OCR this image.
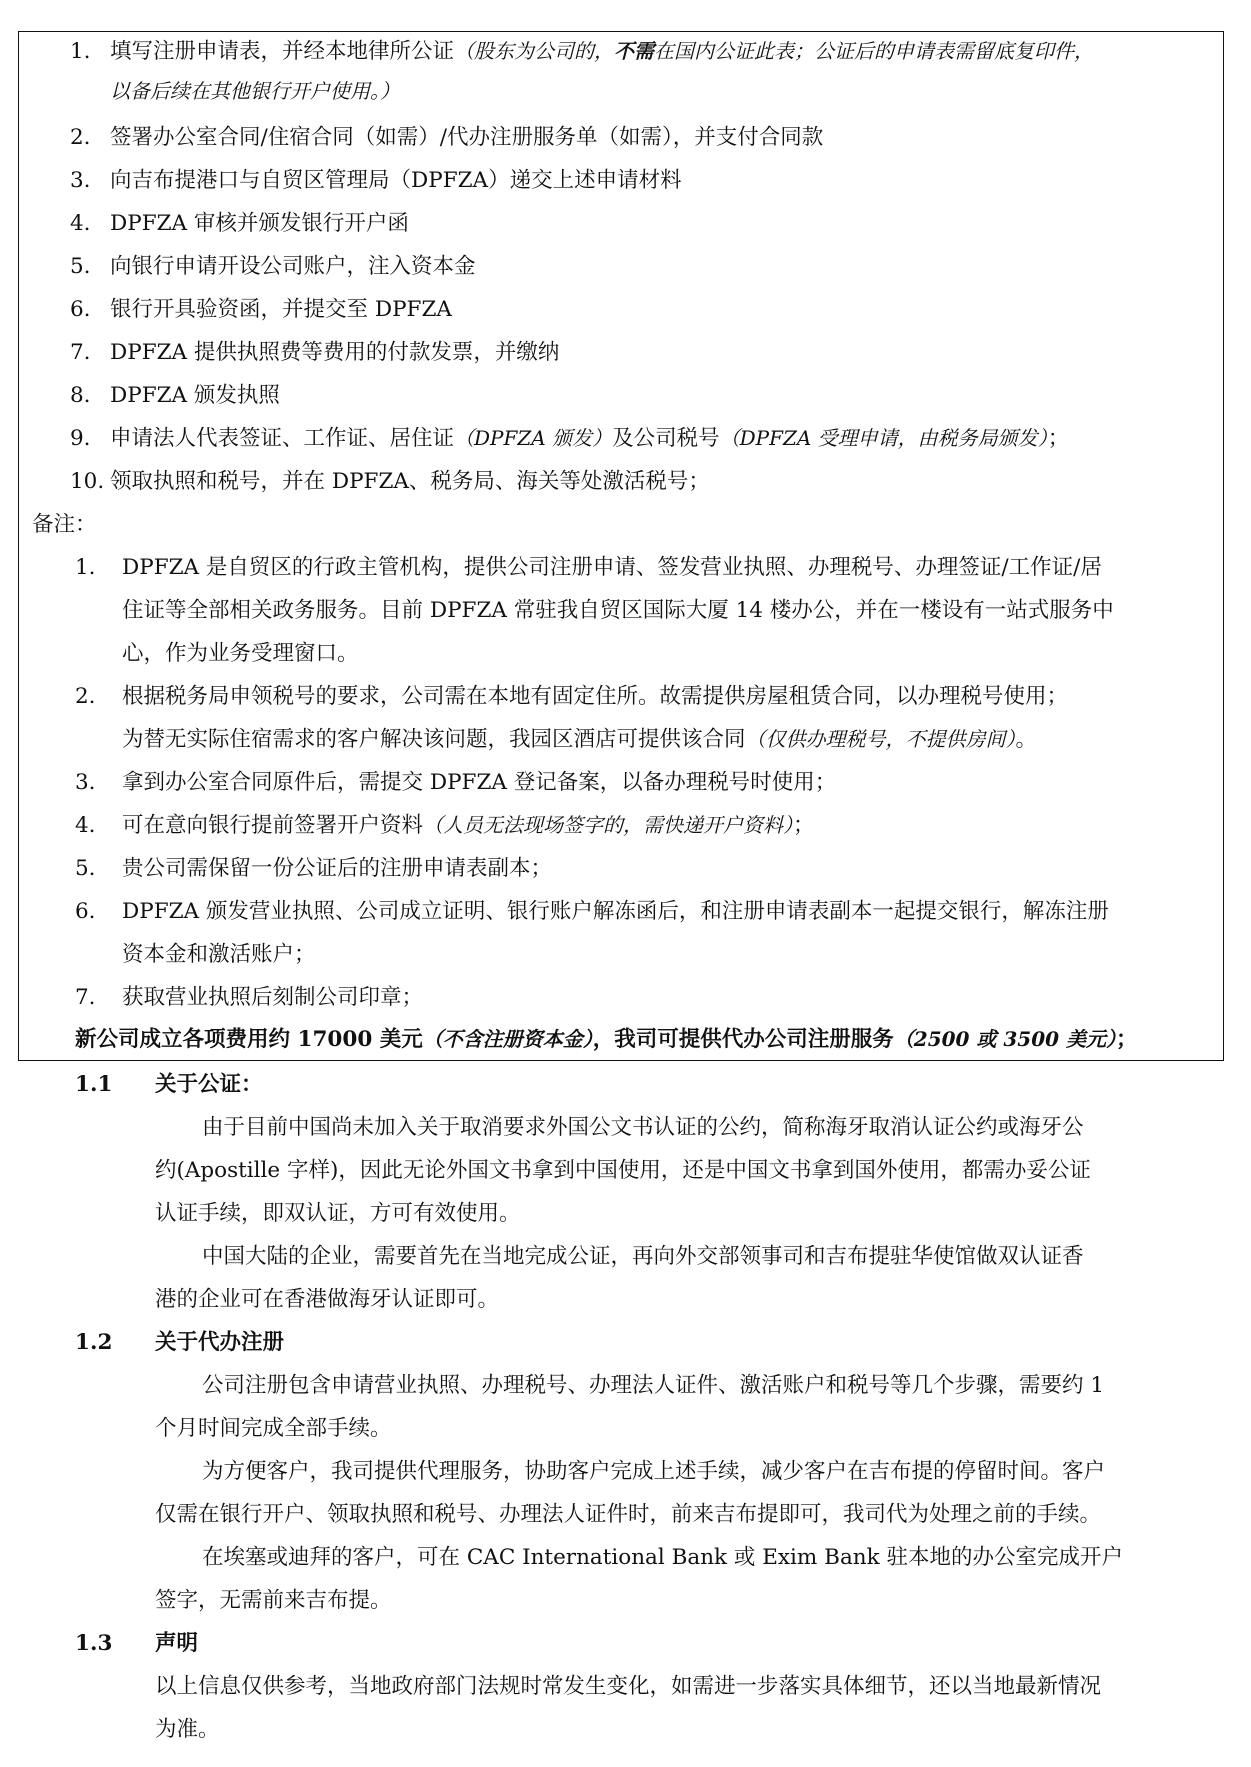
1. 填写注册申请表，并经本地律所公证（股东为公司的，不需在国内公证此表；公证后的申请表需留底复印件，
以备后续在其他银行开户使用。）
2. 签署办公室合同/住宿合同（如需）/代办注册服务单（如需），并支付合同款
3. 向吉布提港口与自贸区管理局（DPFZA）递交上述申请材料
4. DPFZA 审核并颁发银行开户函
5. 向银行申请开设公司账户，注入资本金
6. 银行开具验资函，并提交至 DPFZA
7. DPFZA 提供执照费等费用的付款发票，并缴纳
8. DPFZA 颁发执照
9. 申请法人代表签证、工作证、居住证（DPFZA 颁发）及公司税号（DPFZA 受理申请，由税务局颁发）；
10. 领取执照和税号，并在 DPFZA、税务局、海关等处激活税号；
备注：
1. DPFZA 是自贸区的行政主管机构，提供公司注册申请、签发营业执照、办理税号、办理签证/工作证/居
住证等全部相关政务服务。目前 DPFZA 常驻我自贸区国际大厦 14 楼办公，并在一楼设有一站式服务中
心，作为业务受理窗口。
2. 根据税务局申领税号的要求，公司需在本地有固定住所。故需提供房屋租赁合同，以办理税号使用；
为替无实际住宿需求的客户解决该问题，我园区酒店可提供该合同（仅供办理税号，不提供房间）。
3. 拿到办公室合同原件后，需提交 DPFZA 登记备案，以备办理税号时使用；
4. 可在意向银行提前签署开户资料（人员无法现场签字的，需快递开户资料）；
5. 贵公司需保留一份公证后的注册申请表副本；
6. DPFZA 颁发营业执照、公司成立证明、银行账户解冻函后，和注册申请表副本一起提交银行，解冻注册
资本金和激活账户；
7. 获取营业执照后刻制公司印章；
新公司成立各项费用约 17000 美元（不含注册资本金），我司可提供代办公司注册服务（2500 或 3500 美元）；
1.1 关于公证：
由于目前中国尚未加入关于取消要求外国公文书认证的公约，简称海牙取消认证公约或海牙公
约(Apostille 字样)，因此无论外国文书拿到中国使用，还是中国文书拿到国外使用，都需办妥公证
认证手续，即双认证，方可有效使用。
中国大陆的企业，需要首先在当地完成公证，再向外交部领事司和吉布提驻华使馆做双认证香
港的企业可在香港做海牙认证即可。
1.2 关于代办注册
公司注册包含申请营业执照、办理税号、办理法人证件、激活账户和税号等几个步骤，需要约 1
个月时间完成全部手续。
为方便客户，我司提供代理服务，协助客户完成上述手续，减少客户在吉布提的停留时间。客户
仅需在银行开户、领取执照和税号、办理法人证件时，前来吉布提即可，我司代为处理之前的手续。
在埃塞或迪拜的客户，可在 CAC International Bank 或 Exim Bank 驻本地的办公室完成开户
签字，无需前来吉布提。
1.3 声明
以上信息仅供参考，当地政府部门法规时常发生变化，如需进一步落实具体细节，还以当地最新情况
为准。
